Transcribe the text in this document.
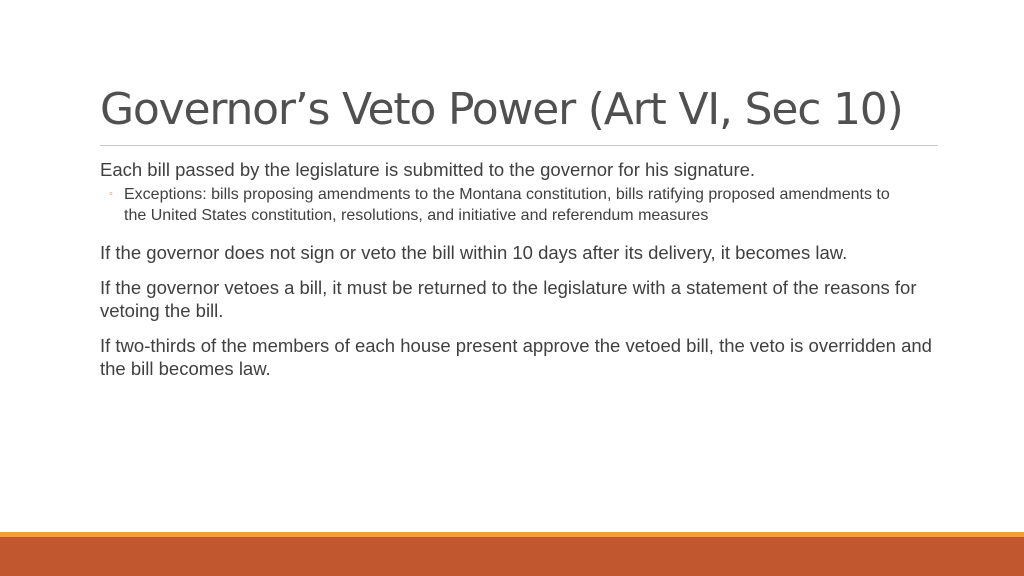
Governor’s Veto Power (Art VI, Sec 10)

Each bill passed by the legislature is submitted to the governor for his signature.

◦ Exceptions: bills proposing amendments to the Montana constitution, bills ratifying proposed amendments to the United States constitution, resolutions, and initiative and referendum measures

If the governor does not sign or veto the bill within 10 days after its delivery, it becomes law.

If the governor vetoes a bill, it must be returned to the legislature with a statement of the reasons for vetoing the bill.

If two-thirds of the members of each house present approve the vetoed bill, the veto is overridden and the bill becomes law.
